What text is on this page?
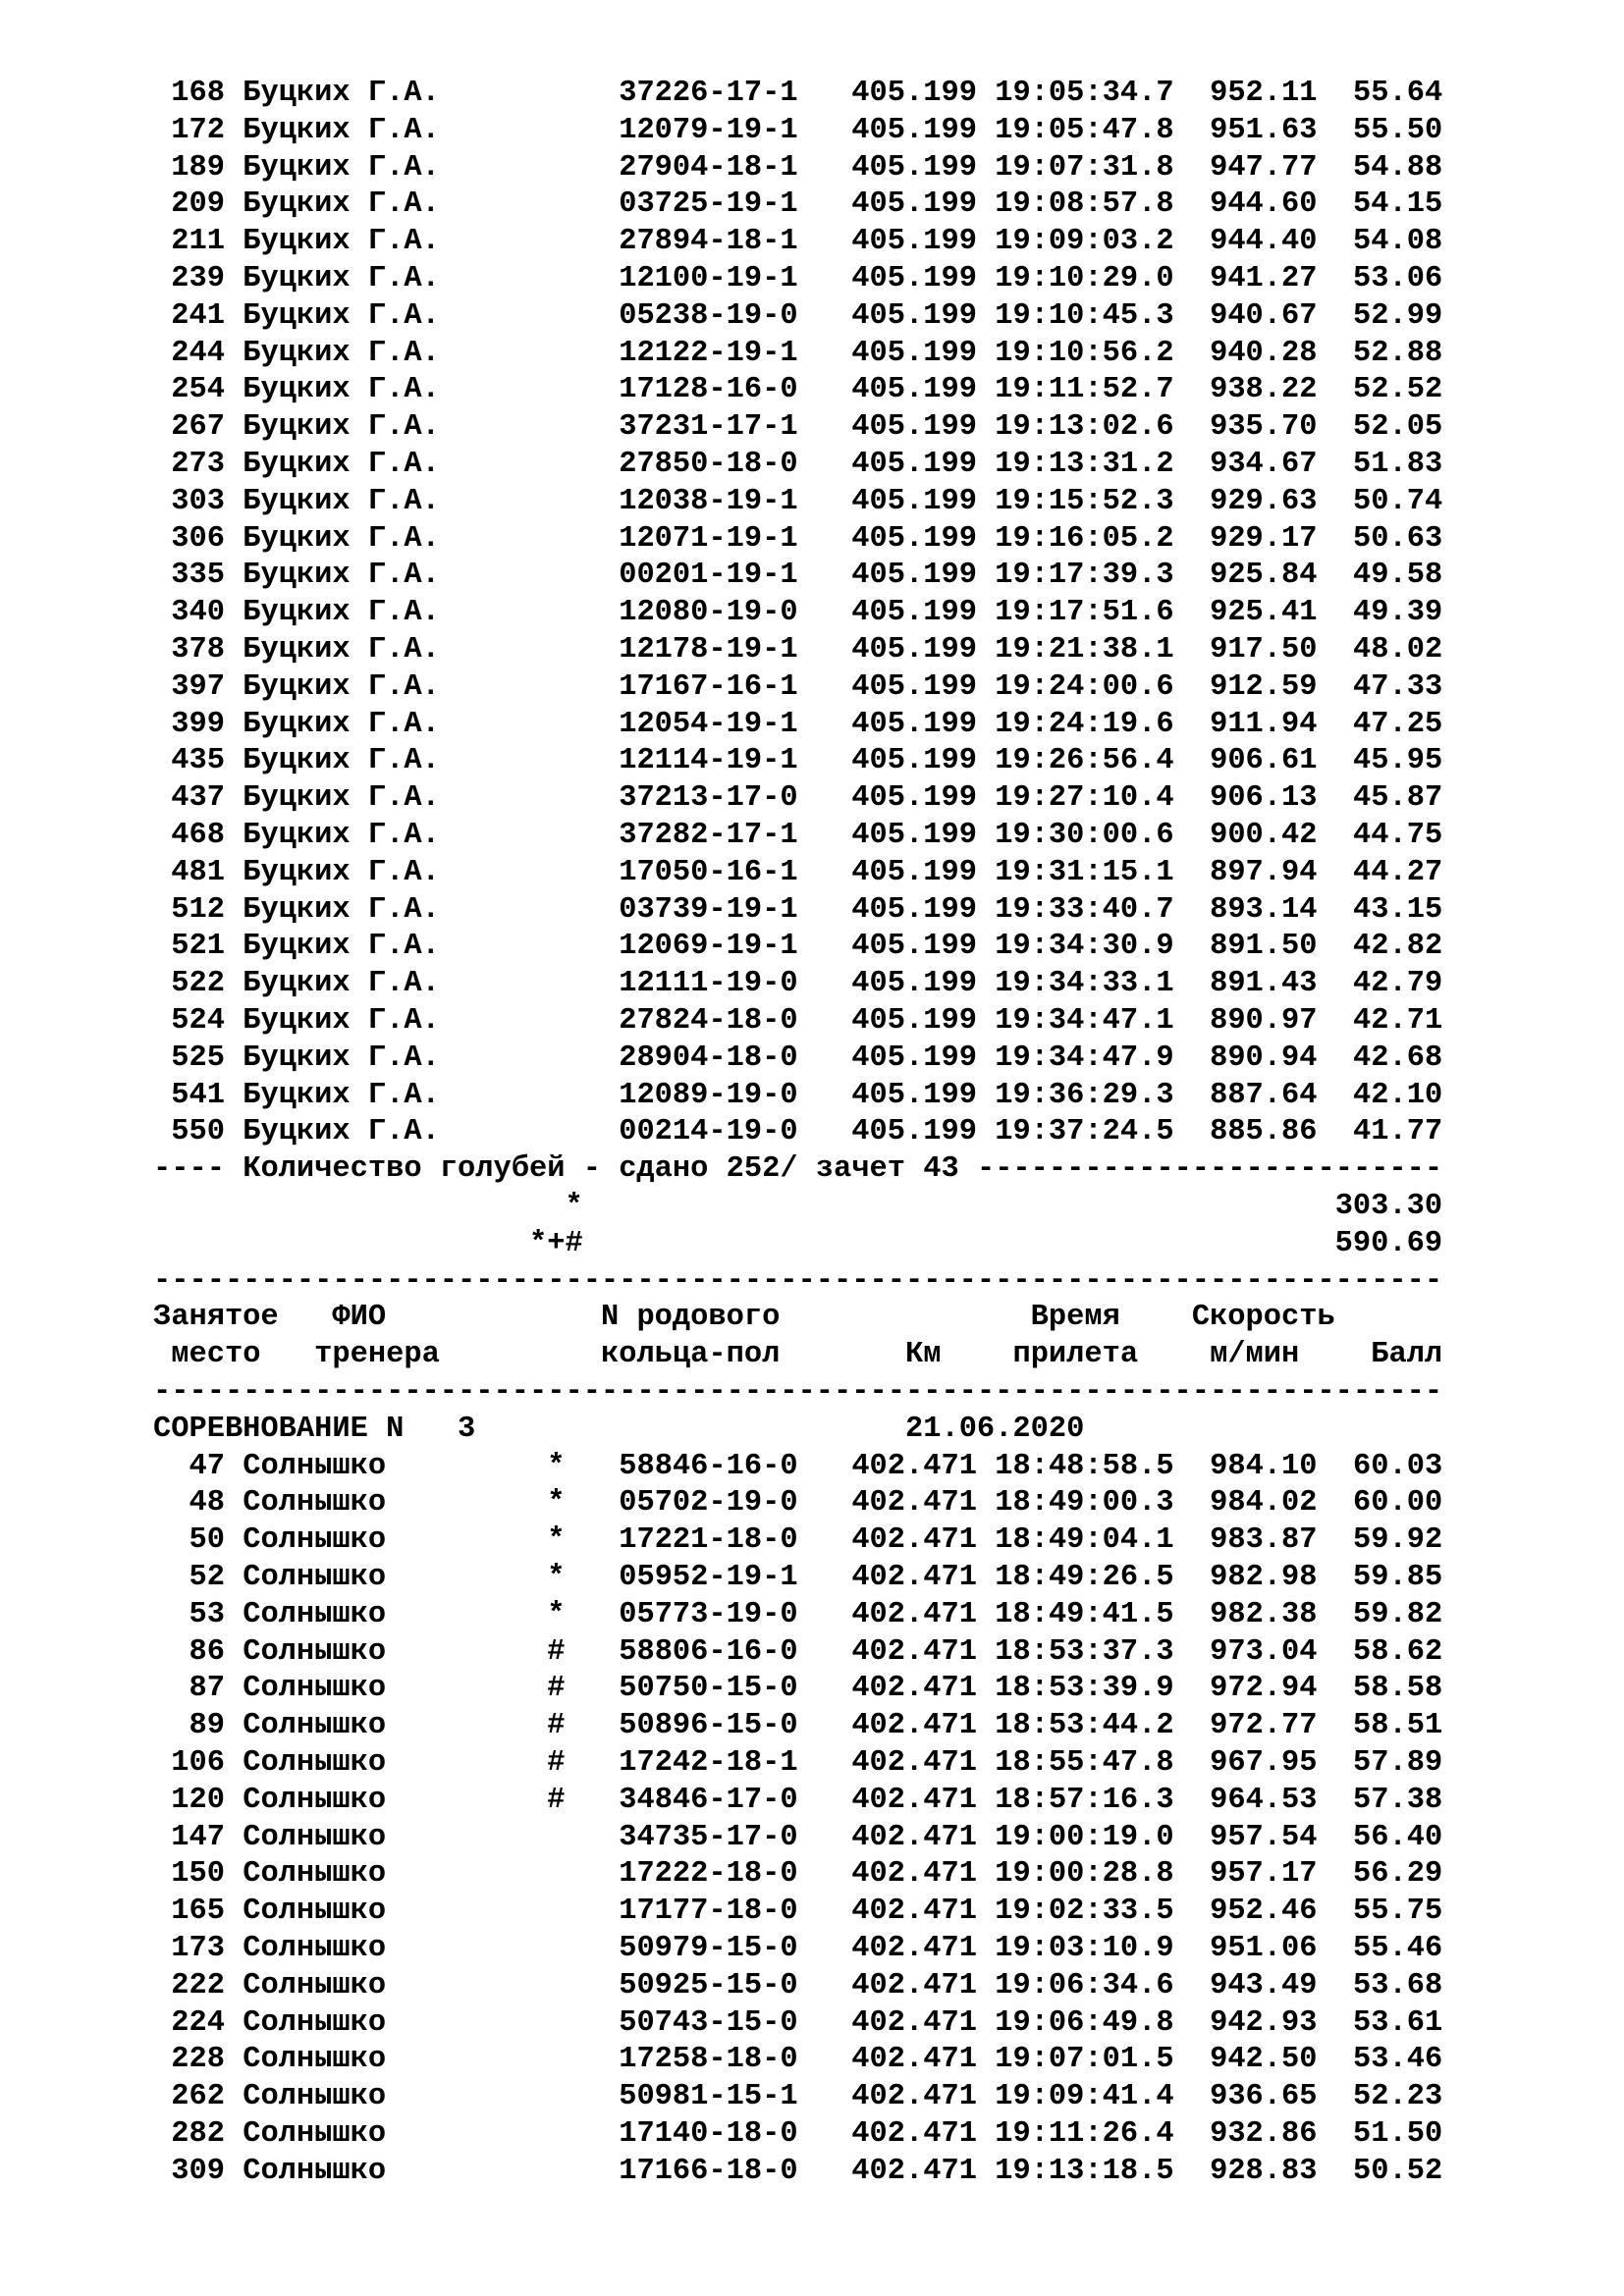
168 Буцких Г.А.	37226-17-1 405.199 19:05:34.7  952.11  55.64
172 Буцких Г.А.	12079-19-1 405.199 19:05:47.8  951.63  55.50
189 Буцких Г.А.	27904-18-1 405.199 19:07:31.8  947.77  54.88
209 Буцких Г.А.	03725-19-1 405.199 19:08:57.8  944.60  54.15
211 Буцких Г.А.	27894-18-1 405.199 19:09:03.2  944.40  54.08
239 Буцких Г.А.	12100-19-1 405.199 19:10:29.0  941.27  53.06
241 Буцких Г.А.	05238-19-0 405.199 19:10:45.3  940.67  52.99
244 Буцких Г.А.	12122-19-1 405.199 19:10:56.2  940.28  52.88
254 Буцких Г.А.	17128-16-0 405.199 19:11:52.7  938.22  52.52
267 Буцких Г.А.	37231-17-1 405.199 19:13:02.6  935.70  52.05
273 Буцких Г.А.	27850-18-0 405.199 19:13:31.2  934.67  51.83
303 Буцких Г.А.	12038-19-1 405.199 19:15:52.3  929.63  50.74
306 Буцких Г.А.	12071-19-1 405.199 19:16:05.2  929.17  50.63
335 Буцких Г.А.	00201-19-1 405.199 19:17:39.3  925.84  49.58
340 Буцких Г.А.	12080-19-0 405.199 19:17:51.6  925.41  49.39
378 Буцких Г.А.	12178-19-1 405.199 19:21:38.1  917.50  48.02
397 Буцких Г.А.	17167-16-1 405.199 19:24:00.6  912.59  47.33
399 Буцких Г.А.	12054-19-1 405.199 19:24:19.6  911.94  47.25
435 Буцких Г.А.	12114-19-1 405.199 19:26:56.4  906.61  45.95
437 Буцких Г.А.	37213-17-0 405.199 19:27:10.4  906.13  45.87
468 Буцких Г.А.	37282-17-1 405.199 19:30:00.6  900.42  44.75
481 Буцких Г.А.	17050-16-1 405.199 19:31:15.1  897.94  44.27
512 Буцких Г.А.	03739-19-1 405.199 19:33:40.7  893.14  43.15
521 Буцких Г.А.	12069-19-1 405.199 19:34:30.9  891.50  42.82
522 Буцких Г.А.	12111-19-0 405.199 19:34:33.1  891.43  42.79
524 Буцких Г.А.	27824-18-0 405.199 19:34:47.1  890.97  42.71
525 Буцких Г.А.	28904-18-0 405.199 19:34:47.9  890.94  42.68
541 Буцких Г.А.	12089-19-0 405.199 19:36:29.3  887.64  42.10
550 Буцких Г.А.	00214-19-0 405.199 19:37:24.5  885.86  41.77
---- Количество голубей - сдано 252/ зачет 43 --------------------------
*	303.30
*+#	590.69
------------------------------------------------------------------------
Занятое ФИО	N родового	Время Скорость
место тренера	кольца-пол	Км прилета м/мин Балл
------------------------------------------------------------------------
СОРЕВНОВАНИЕ N   3	21.06.2020
47 Солнышко	* 58846-16-0 402.471 18:48:58.5  984.10  60.03
48 Солнышко	* 05702-19-0 402.471 18:49:00.3  984.02  60.00
50 Солнышко	* 17221-18-0 402.471 18:49:04.1  983.87  59.92
52 Солнышко	* 05952-19-1 402.471 18:49:26.5  982.98  59.85
53 Солнышко	* 05773-19-0 402.471 18:49:41.5  982.38  59.82
86 Солнышко	# 58806-16-0 402.471 18:53:37.3  973.04  58.62
87 Солнышко	# 50750-15-0 402.471 18:53:39.9  972.94  58.58
89 Солнышко	# 50896-15-0 402.471 18:53:44.2  972.77  58.51
106 Солнышко	# 17242-18-1 402.471 18:55:47.8  967.95  57.89
120 Солнышко	# 34846-17-0 402.471 18:57:16.3  964.53  57.38
147 Солнышко	34735-17-0 402.471 19:00:19.0  957.54  56.40
150 Солнышко	17222-18-0 402.471 19:00:28.8  957.17  56.29
165 Солнышко	17177-18-0 402.471 19:02:33.5  952.46  55.75
173 Солнышко	50979-15-0 402.471 19:03:10.9  951.06  55.46
222 Солнышко	50925-15-0 402.471 19:06:34.6  943.49  53.68
224 Солнышко	50743-15-0 402.471 19:06:49.8  942.93  53.61
228 Солнышко	17258-18-0 402.471 19:07:01.5  942.50  53.46
262 Солнышко	50981-15-1 402.471 19:09:41.4  936.65  52.23
282 Солнышко	17140-18-0 402.471 19:11:26.4  932.86  51.50
309 Солнышко	17166-18-0 402.471 19:13:18.5  928.83  50.52
